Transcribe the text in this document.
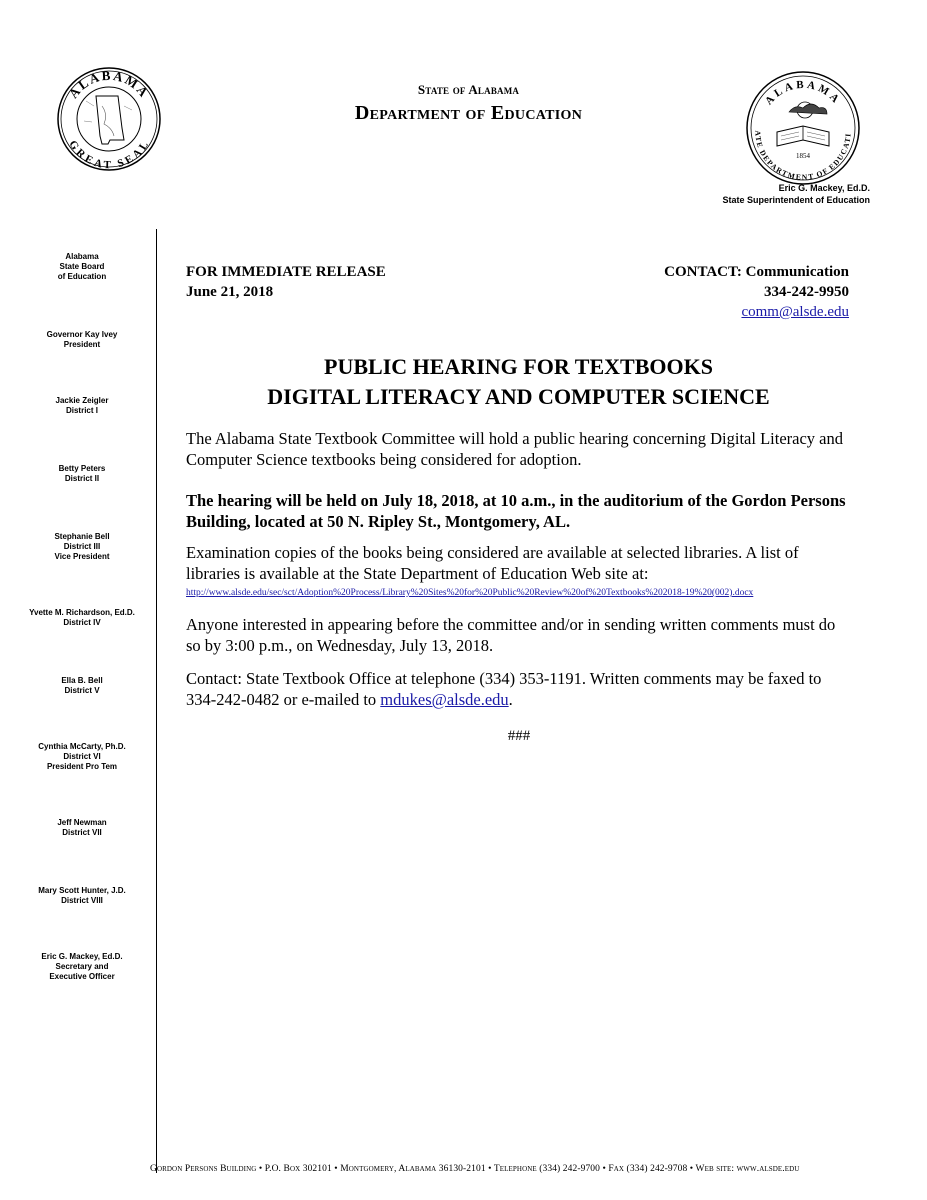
ALABAMA
GREAT SEAL
State of Alabama
Department of Education
ALABAMA
ATE DEPARTMENT OF EDUCATI
1854
Eric G. Mackey, Ed.D.
State Superintendent of Education
Alabama
State Board
of Education
Governor Kay Ivey
President
Jackie Zeigler
District I
Betty Peters
District II
Stephanie Bell
District III
Vice President
Yvette M. Richardson, Ed.D.
District IV
Ella B. Bell
District V
Cynthia McCarty, Ph.D.
District VI
President Pro Tem
Jeff Newman
District VII
Mary Scott Hunter, J.D.
District VIII
Eric G. Mackey, Ed.D.
Secretary and
Executive Officer
FOR IMMEDIATE RELEASE
June 21, 2018
CONTACT: Communication
334-242-9950
comm@alsde.edu
PUBLIC HEARING FOR TEXTBOOKS
DIGITAL LITERACY AND COMPUTER SCIENCE
The Alabama State Textbook Committee will hold a public hearing concerning Digital Literacy and Computer Science textbooks being considered for adoption.
The hearing will be held on July 18, 2018, at 10 a.m., in the auditorium of the Gordon Persons Building, located at 50 N. Ripley St., Montgomery, AL.
Examination copies of the books being considered are available at selected libraries. A list of libraries is available at the State Department of Education Web site at:
http://www.alsde.edu/sec/sct/Adoption%20Process/Library%20Sites%20for%20Public%20Review%20of%20Textbooks%202018-19%20(002).docx
Anyone interested in appearing before the committee and/or in sending written comments must do so by 3:00 p.m., on Wednesday, July 13, 2018.
Contact: State Textbook Office at telephone (334) 353-1191. Written comments may be faxed to 334-242-0482 or e-mailed to mdukes@alsde.edu.
###
Gordon Persons Building • P.O. Box 302101 • Montgomery, Alabama 36130-2101 • Telephone (334) 242-9700 • Fax (334) 242-9708 • Web site: www.alsde.edu
